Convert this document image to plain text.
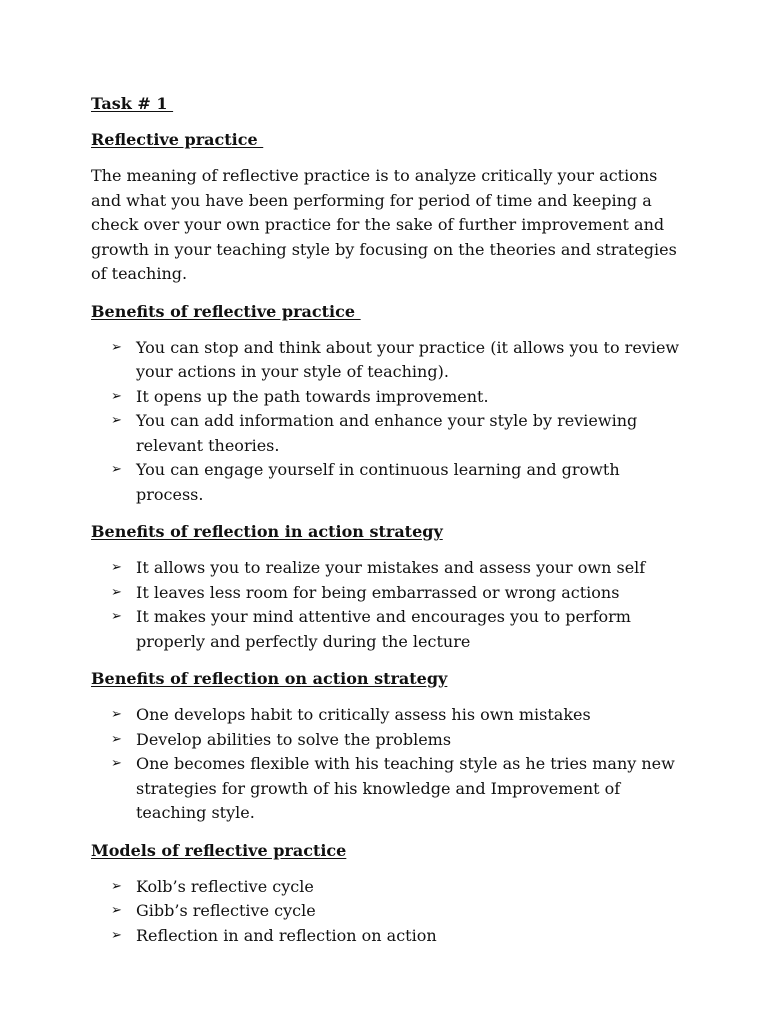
Task # 1

Reflective practice

The meaning of reflective practice is to analyze critically your actions and what you have been performing for period of time and keeping a check over your own practice for the sake of further improvement and growth in your teaching style by focusing on the theories and strategies of teaching.

Benefits of reflective practice

➢ You can stop and think about your practice (it allows you to review your actions in your style of teaching).
➢ It opens up the path towards improvement.
➢ You can add information and enhance your style by reviewing relevant theories.
➢ You can engage yourself in continuous learning and growth process.

Benefits of reflection in action strategy

➢ It allows you to realize your mistakes and assess your own self
➢ It leaves less room for being embarrassed or wrong actions
➢ It makes your mind attentive and encourages you to perform properly and perfectly during the lecture

Benefits of reflection on action strategy

➢ One develops habit to critically assess his own mistakes
➢ Develop abilities to solve the problems
➢ One becomes flexible with his teaching style as he tries many new strategies for growth of his knowledge and Improvement of teaching style.

Models of reflective practice

➢ Kolb’s reflective cycle
➢ Gibb’s reflective cycle
➢ Reflection in and reflection on action
